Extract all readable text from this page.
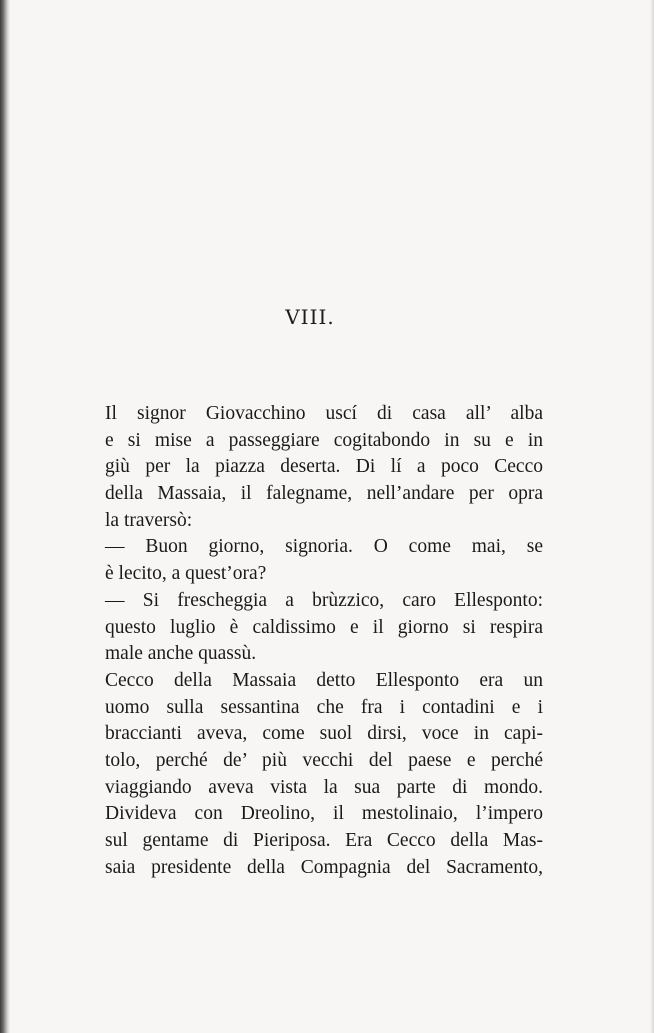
VIII.
Il signor Giovacchino uscí di casa all’ alba
e si mise a passeggiare cogitabondo in su e in
giù per la piazza deserta. Di lí a poco Cecco
della Massaia, il falegname, nell’andare per opra
la traversò:
— Buon giorno, signoria. O come mai, se
è lecito, a quest’ora?
— Si frescheggia a brùzzico, caro Ellesponto:
questo luglio è caldissimo e il giorno si respira
male anche quassù.
Cecco della Massaia detto Ellesponto era un
uomo sulla sessantina che fra i contadini e i
braccianti aveva, come suol dirsi, voce in capi-
tolo, perché de’ più vecchi del paese e perché
viaggiando aveva vista la sua parte di mondo.
Divideva con Dreolino, il mestolinaio, l’impero
sul gentame di Pieriposa. Era Cecco della Mas-
saia presidente della Compagnia del Sacramento,
